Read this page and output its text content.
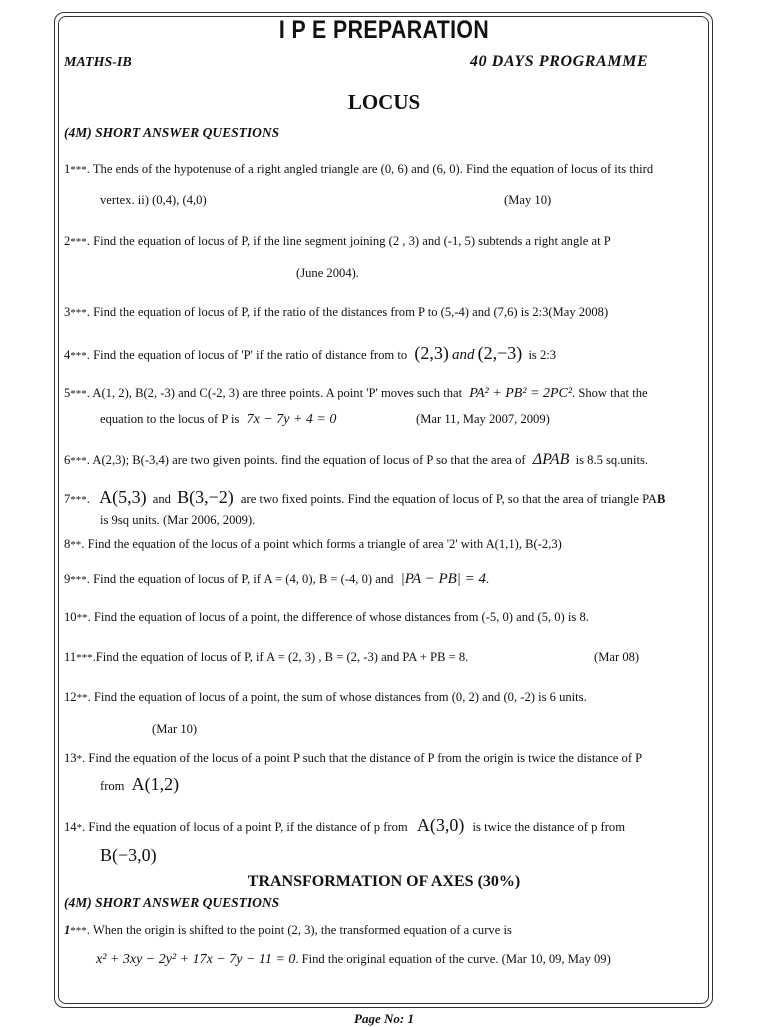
I P E PREPARATION
MATHS-IB	40 DAYS PROGRAMME
LOCUS
(4M) SHORT ANSWER QUESTIONS
1***. The ends of the hypotenuse of a right angled triangle are (0, 6) and (6, 0). Find the equation of locus of its third
vertex. ii) (0,4), (4,0)	(May 10)
2***. Find the equation of locus of P, if the line segment joining (2 , 3) and (-1, 5) subtends a right angle at P
(June 2004).
3***. Find the equation of locus of P, if the ratio of the distances from P to (5,-4) and (7,6) is 2:3(May 2008)
4***. Find the equation of locus of 'P' if the ratio of distance from to (2,3) and (2,−3) is 2:3
5***. A(1, 2), B(2, -3) and C(-2, 3) are three points. A point 'P' moves such that PA² + PB² = 2PC². Show that the
equation to the locus of P is 7x − 7y + 4 = 0	(Mar 11, May 2007, 2009)
6***. A(2,3); B(-3,4) are two given points. find the equation of locus of P so that the area of ΔPAB is 8.5 sq.units.
7***. A(5,3) and B(3,−2) are two fixed points. Find the equation of locus of P, so that the area of triangle PAB
is 9sq units. (Mar 2006, 2009).
8**. Find the equation of the locus of a point which forms a triangle of area '2' with A(1,1), B(-2,3)
9***. Find the equation of locus of P, if A = (4, 0), B = (-4, 0) and |PA − PB| = 4.
10**. Find the equation of locus of a point, the difference of whose distances from (-5, 0) and (5, 0) is 8.
11***.Find the equation of locus of P, if A = (2, 3) , B = (2, -3) and PA + PB = 8.	(Mar 08)
12**. Find the equation of locus of a point, the sum of whose distances from (0, 2) and (0, -2) is 6 units.
(Mar 10)
13*. Find the equation of the locus of a point P such that the distance of P from the origin is twice the distance of P
from A(1,2)
14*. Find the equation of locus of a point P, if the distance of p from A(3,0) is twice the distance of p from
B(−3,0)
TRANSFORMATION OF AXES (30%)
(4M) SHORT ANSWER QUESTIONS
1***. When the origin is shifted to the point (2, 3), the transformed equation of a curve is
x² + 3xy − 2y² + 17x − 7y − 11 = 0. Find the original equation of the curve. (Mar 10, 09, May 09)
Page No: 1
